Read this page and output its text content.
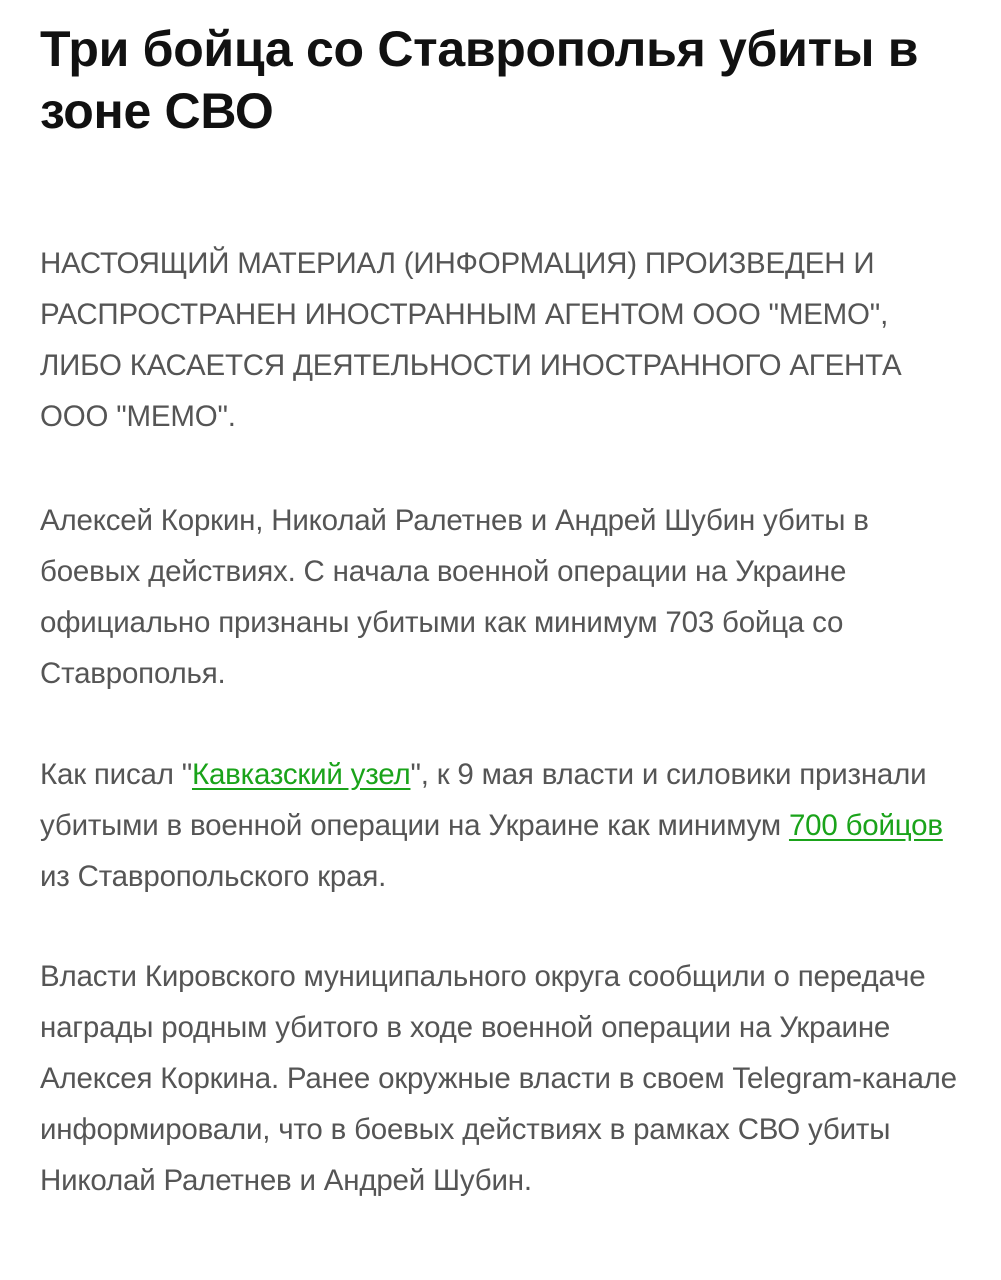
Три бойца со Ставрополья убиты в зоне СВО

НАСТОЯЩИЙ МАТЕРИАЛ (ИНФОРМАЦИЯ) ПРОИЗВЕДЕН И РАСПРОСТРАНЕН ИНОСТРАННЫМ АГЕНТОМ ООО "МЕМО", ЛИБО КАСАЕТСЯ ДЕЯТЕЛЬНОСТИ ИНОСТРАННОГО АГЕНТА ООО "МЕМО".

Алексей Коркин, Николай Ралетнев и Андрей Шубин убиты в боевых действиях. С начала военной операции на Украине официально признаны убитыми как минимум 703 бойца со Ставрополья.

Как писал "Кавказский узел", к 9 мая власти и силовики признали убитыми в военной операции на Украине как минимум 700 бойцов из Ставропольского края.

Власти Кировского муниципального округа сообщили о передаче награды родным убитого в ходе военной операции на Украине Алексея Коркина. Ранее окружные власти в своем Telegram-канале информировали, что в боевых действиях в рамках СВО убиты Николай Ралетнев и Андрей Шубин.
